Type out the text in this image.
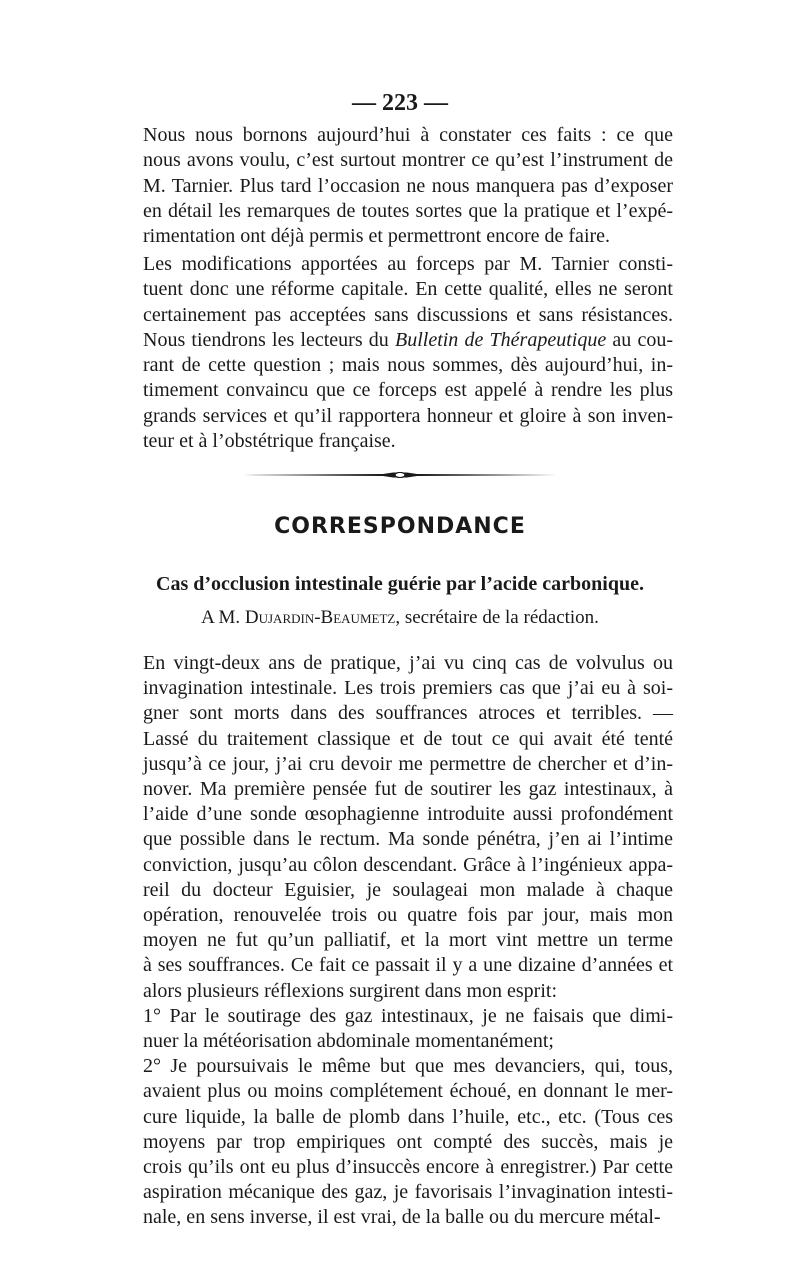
— 223 —

Nous nous bornons aujourd’hui à constater ces faits : ce que
nous avons voulu, c’est surtout montrer ce qu’est l’instrument de
M. Tarnier. Plus tard l’occasion ne nous manquera pas d’exposer
en détail les remarques de toutes sortes que la pratique et l’expé-
rimentation ont déjà permis et permettront encore de faire.

Les modifications apportées au forceps par M. Tarnier consti-
tuent donc une réforme capitale. En cette qualité, elles ne seront
certainement pas acceptées sans discussions et sans résistances.
Nous tiendrons les lecteurs du Bulletin de Thérapeutique au cou-
rant de cette question ; mais nous sommes, dès aujourd’hui, in-
timement convaincu que ce forceps est appelé à rendre les plus
grands services et qu’il rapportera honneur et gloire à son inven-
teur et à l’obstétrique française.

CORRESPONDANCE
Cas d’occlusion intestinale guérie par l’acide carbonique.
A M. Dujardin-Beaumetz, secrétaire de la rédaction.

En vingt-deux ans de pratique, j’ai vu cinq cas de volvulus ou
invagination intestinale. Les trois premiers cas que j’ai eu à soi-
gner sont morts dans des souffrances atroces et terribles. —
Lassé du traitement classique et de tout ce qui avait été tenté
jusqu’à ce jour, j’ai cru devoir me permettre de chercher et d’in-
nover. Ma première pensée fut de soutirer les gaz intestinaux, à
l’aide d’une sonde œsophagienne introduite aussi profondément
que possible dans le rectum. Ma sonde pénétra, j’en ai l’intime
conviction, jusqu’au côlon descendant. Grâce à l’ingénieux appa-
reil du docteur Eguisier, je soulageai mon malade à chaque
opération, renouvelée trois ou quatre fois par jour, mais mon
moyen ne fut qu’un palliatif, et la mort vint mettre un terme
à ses souffrances. Ce fait ce passait il y a une dizaine d’années et
alors plusieurs réflexions surgirent dans mon esprit:

1° Par le soutirage des gaz intestinaux, je ne faisais que dimi-
nuer la météorisation abdominale momentanément;

2° Je poursuivais le même but que mes devanciers, qui, tous,
avaient plus ou moins complétement échoué, en donnant le mer-
cure liquide, la balle de plomb dans l’huile, etc., etc. (Tous ces
moyens par trop empiriques ont compté des succès, mais je
crois qu’ils ont eu plus d’insuccès encore à enregistrer.) Par cette
aspiration mécanique des gaz, je favorisais l’invagination intesti-
nale, en sens inverse, il est vrai, de la balle ou du mercure métal-
